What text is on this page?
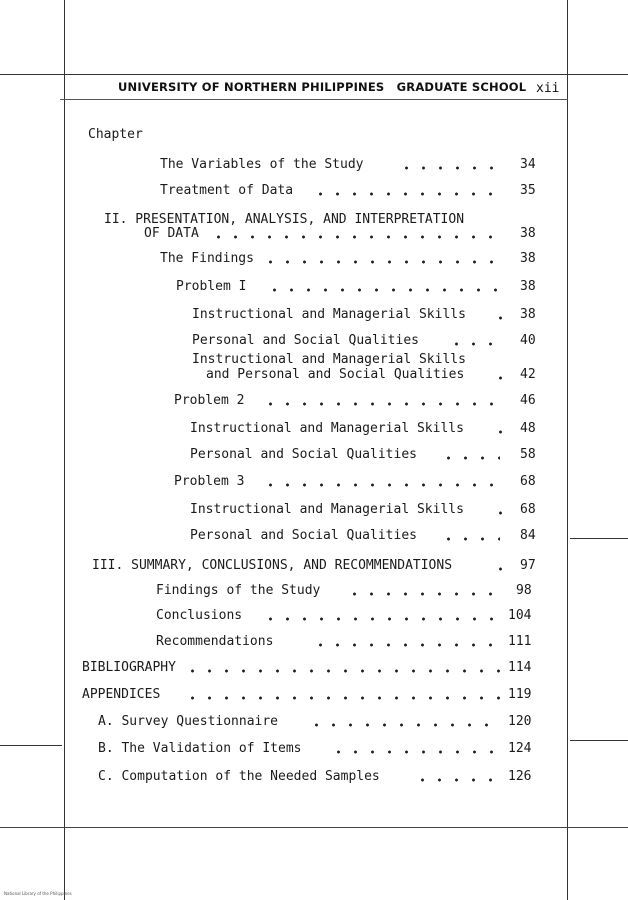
UNIVERSITY OF NORTHERN PHILIPPINES GRADUATE SCHOOL xii
Chapter
The Variables of the Study	34
Treatment of Data	35
II. PRESENTATION, ANALYSIS, AND INTERPRETATION
OF DATA	38
The Findings	38
Problem I	38
Instructional and Managerial Skills	38
Personal and Social Qualities	40
Instructional and Managerial Skills
and Personal and Social Qualities	42
Problem 2	46
Instructional and Managerial Skills	48
Personal and Social Qualities	58
Problem 3	68
Instructional and Managerial Skills	68
Personal and Social Qualities	84
III. SUMMARY, CONCLUSIONS, AND RECOMMENDATIONS	97
Findings of the Study	98
Conclusions	104
Recommendations	111
BIBLIOGRAPHY	114
APPENDICES	119
A. Survey Questionnaire	120
B. The Validation of Items	124
C. Computation of the Needed Samples	126
National Library of the Philippines
